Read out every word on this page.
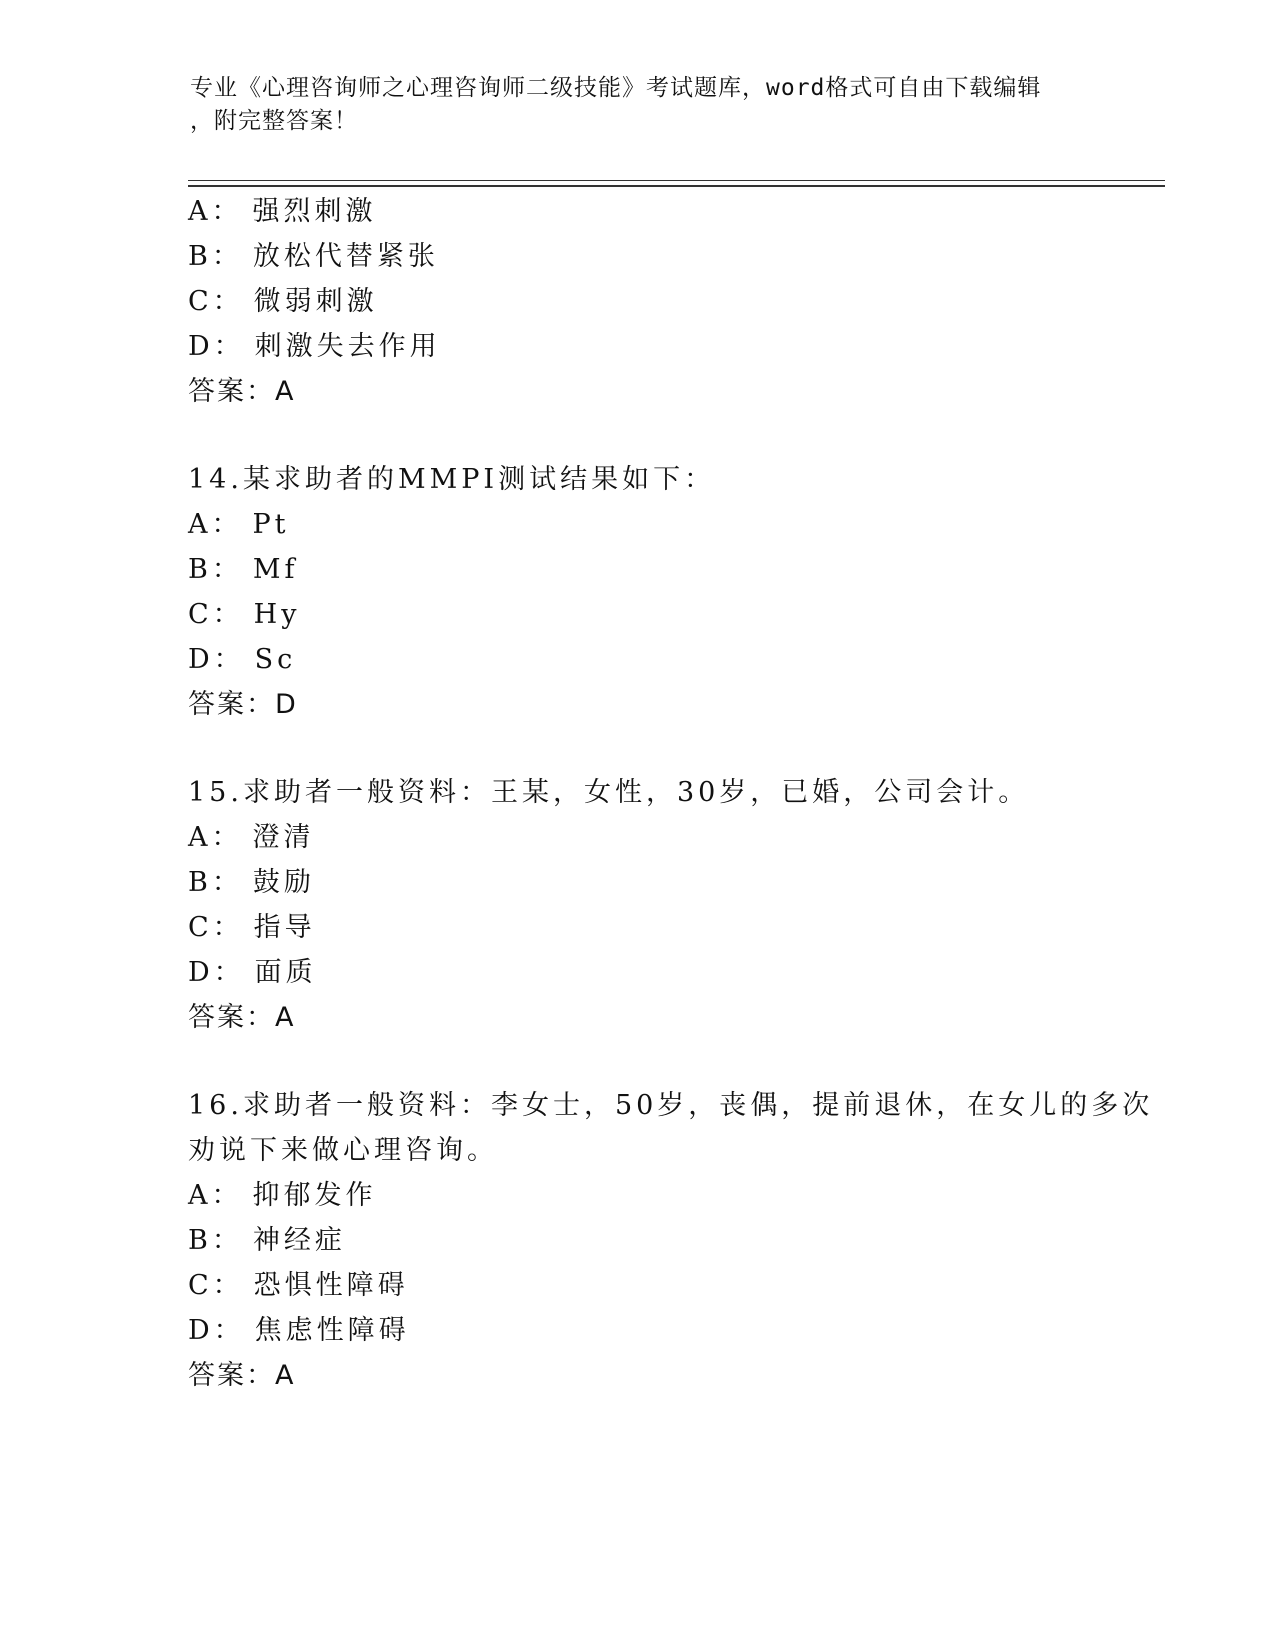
专业《心理咨询师之心理咨询师二级技能》考试题库，word格式可自由下载编辑
，附完整答案！
A： 强烈刺激
B： 放松代替紧张
C： 微弱刺激
D： 刺激失去作用
答案：A
14.某求助者的MMPI测试结果如下：
A： Pt
B： Mf
C： Hy
D： Sc
答案：D
15.求助者一般资料：王某，女性，30岁，已婚，公司会计。
A： 澄清
B： 鼓励
C： 指导
D： 面质
答案：A
16.求助者一般资料：李女士，50岁，丧偶，提前退休，在女儿的多次
劝说下来做心理咨询。
A： 抑郁发作
B： 神经症
C： 恐惧性障碍
D： 焦虑性障碍
答案：A
